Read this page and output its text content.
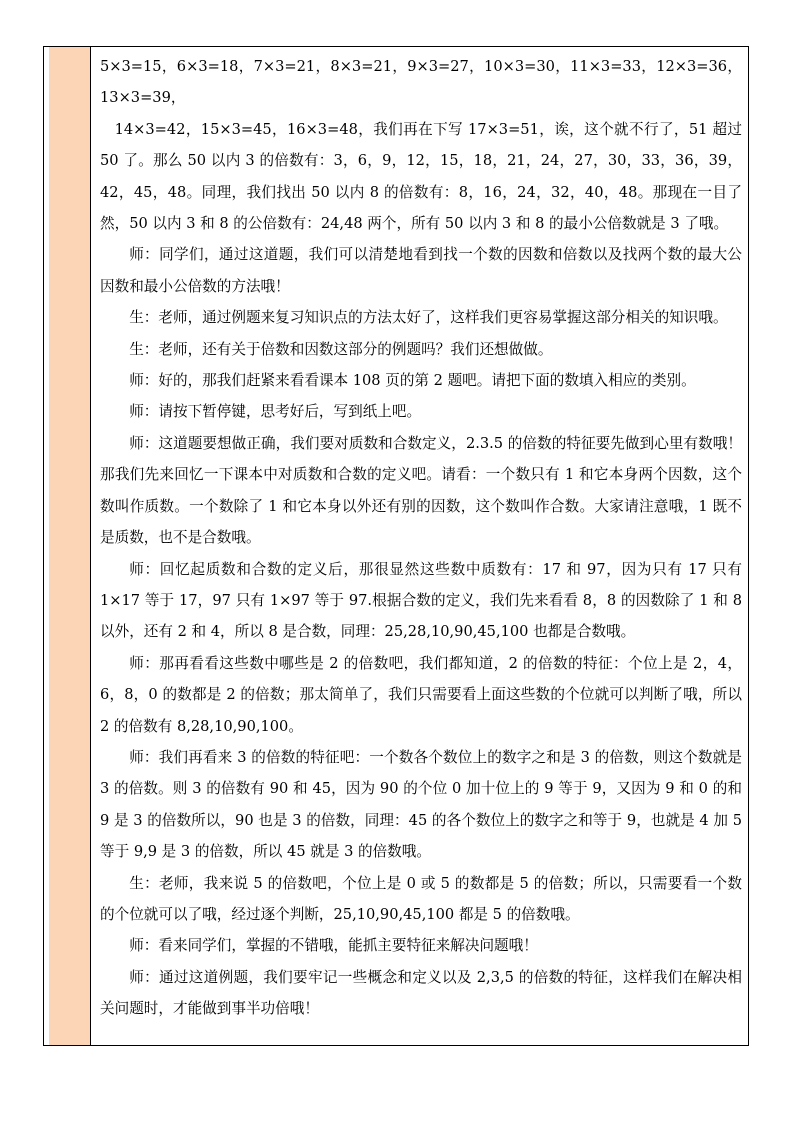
5×3=15，6×3=18，7×3=21，8×3=21，9×3=27，10×3=30，11×3=33，12×3=36，13×3=39，

14×3=42，15×3=45，16×3=48，我们再在下写 17×3=51，诶，这个就不行了，51 超过 50 了。那么 50 以内 3 的倍数有：3，6，9，12，15，18，21，24，27，30，33，36，39，42，45，48。同理，我们找出 50 以内 8 的倍数有：8，16，24，32，40，48。那现在一目了然，50 以内 3 和 8 的公倍数有：24,48 两个，所有 50 以内 3 和 8 的最小公倍数就是 3 了哦。

师：同学们，通过这道题，我们可以清楚地看到找一个数的因数和倍数以及找两个数的最大公因数和最小公倍数的方法哦！

生：老师，通过例题来复习知识点的方法太好了，这样我们更容易掌握这部分相关的知识哦。

生：老师，还有关于倍数和因数这部分的例题吗？我们还想做做。

师：好的，那我们赶紧来看看课本 108 页的第 2 题吧。请把下面的数填入相应的类别。

师：请按下暂停键，思考好后，写到纸上吧。

师：这道题要想做正确，我们要对质数和合数定义，2.3.5 的倍数的特征要先做到心里有数哦！那我们先来回忆一下课本中对质数和合数的定义吧。请看：一个数只有 1 和它本身两个因数，这个数叫作质数。一个数除了 1 和它本身以外还有别的因数，这个数叫作合数。大家请注意哦，1 既不是质数，也不是合数哦。

师：回忆起质数和合数的定义后，那很显然这些数中质数有：17 和 97，因为只有 17 只有 1×17 等于 17，97 只有 1×97 等于 97.根据合数的定义，我们先来看看 8，8 的因数除了 1 和 8 以外，还有 2 和 4，所以 8 是合数，同理：25,28,10,90,45,100 也都是合数哦。

师：那再看看这些数中哪些是 2 的倍数吧，我们都知道，2 的倍数的特征：个位上是 2，4，6，8，0 的数都是 2 的倍数；那太简单了，我们只需要看上面这些数的个位就可以判断了哦，所以 2 的倍数有 8,28,10,90,100。

师：我们再看来 3 的倍数的特征吧：一个数各个数位上的数字之和是 3 的倍数，则这个数就是 3 的倍数。则 3 的倍数有 90 和 45，因为 90 的个位 0 加十位上的 9 等于 9，又因为 9 和 0 的和 9 是 3 的倍数所以，90 也是 3 的倍数，同理：45 的各个数位上的数字之和等于 9，也就是 4 加 5 等于 9,9 是 3 的倍数，所以 45 就是 3 的倍数哦。

生：老师，我来说 5 的倍数吧，个位上是 0 或 5 的数都是 5 的倍数；所以，只需要看一个数的个位就可以了哦，经过逐个判断，25,10,90,45,100 都是 5 的倍数哦。

师：看来同学们，掌握的不错哦，能抓主要特征来解决问题哦！

师：通过这道例题，我们要牢记一些概念和定义以及 2,3,5 的倍数的特征，这样我们在解决相关问题时，才能做到事半功倍哦！
